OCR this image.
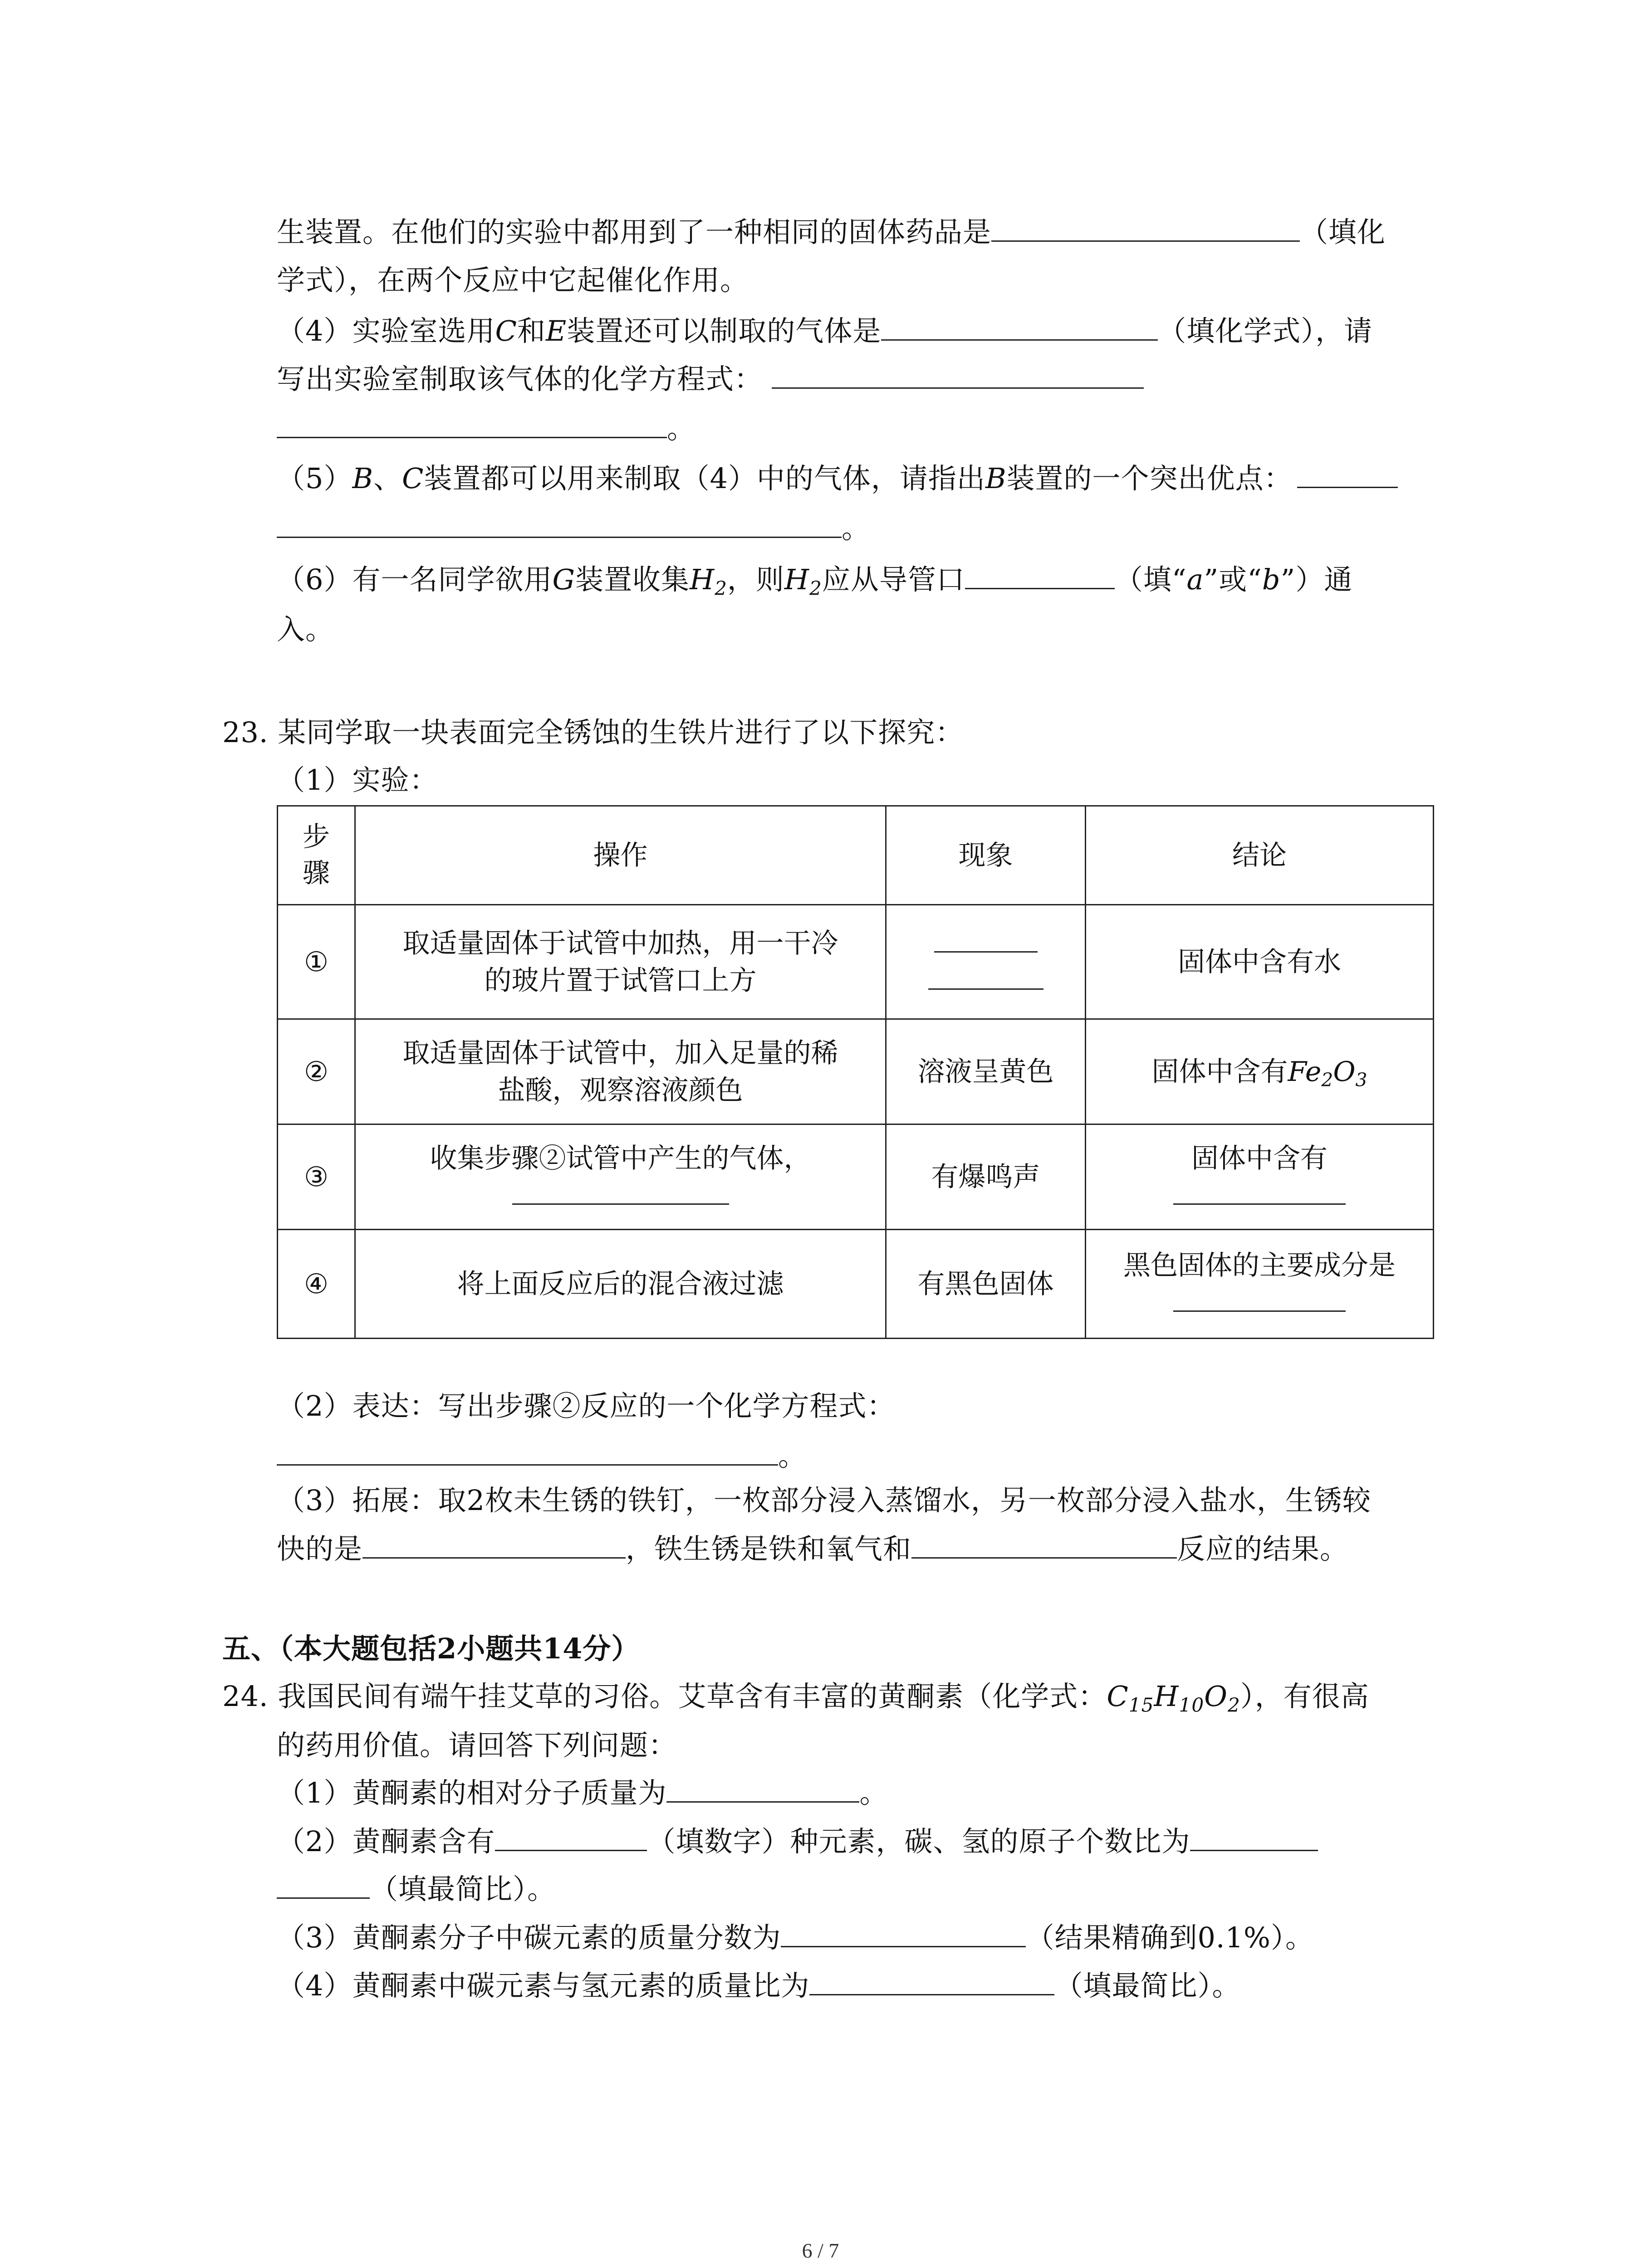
生装置。在他们的实验中都用到了一种相同的固体药品是	（填化
学式），在两个反应中它起催化作用。
（4）实验室选用C和E装置还可以制取的气体是	（填化学式），请
写出实验室制取该气体的化学方程式：
。
（5）B、C装置都可以用来制取（4）中的气体，请指出B装置的一个突出优点：
。
（6）有一名同学欲用G装置收集$H_2$，则$H_2$应从导管口	（填“a”或“b”）通
入。
23. 某同学取一块表面完全锈蚀的生铁片进行了以下探究：
（1）实验：
步骤	操作	现象	结论
①	取适量固体于试管中加热，用一干冷
的玻片置于试管口上方		固体中含有水
②	取适量固体于试管中，加入足量的稀
盐酸，观察溶液颜色	溶液呈黄色	固体中含有$Fe_2O_3$
③	收集步骤②试管中产生的气体，	有爆鸣声	固体中含有

④	将上面反应后的混合液过滤	有黑色固体	黑色固体的主要成分是
（2）表达：写出步骤②反应的一个化学方程式：
。
（3）拓展：取2枚未生锈的铁钉，一枚部分浸入蒸馏水，另一枚部分浸入盐水，生锈较
快的是	，铁生锈是铁和氧气和	反应的结果。
五、（本大题包括2小题共14分）
24. 我国民间有端午挂艾草的习俗。艾草含有丰富的黄酮素（化学式：$C_{15}H_{10}O_2$），有很高
的药用价值。请回答下列问题：
（1）黄酮素的相对分子质量为	。
（2）黄酮素含有	（填数字）种元素，碳、氢的原子个数比为
（填最简比）。
（3）黄酮素分子中碳元素的质量分数为	（结果精确到0.1%）。
（4）黄酮素中碳元素与氢元素的质量比为	（填最简比）。
6 / 7
